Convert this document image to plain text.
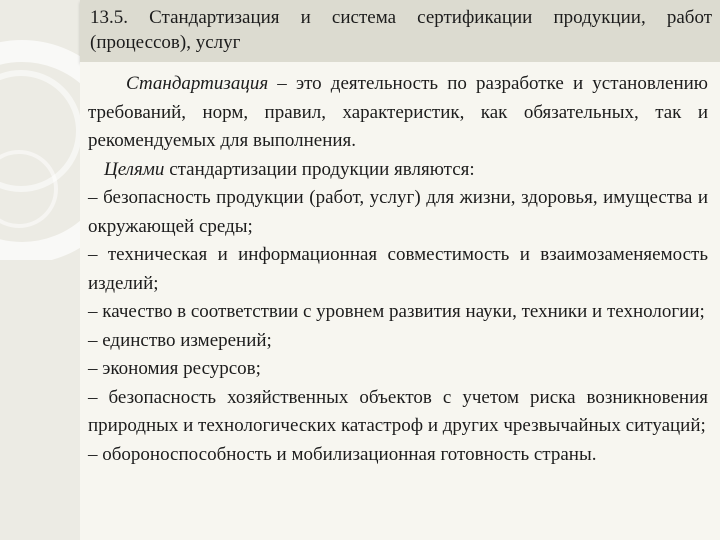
13.5. Стандартизация и система сертификации продукции, работ (процессов), услуг

Стандартизация – это деятельность по разработке и установлению требований, норм, правил, характеристик, как обязательных, так и рекомендуемых для выполнения.

Целями стандартизации продукции являются:

– безопасность продукции (работ, услуг) для жизни, здоровья, имущества и окружающей среды;

– техническая и информационная совместимость и взаимозаменяемость изделий;

– качество в соответствии с уровнем развития науки, техники и технологии;

– единство измерений;

– экономия ресурсов;

– безопасность хозяйственных объектов с учетом риска возникновения природных и технологических катастроф и других чрезвычайных ситуаций;

– обороноспособность и мобилизационная готовность страны.
